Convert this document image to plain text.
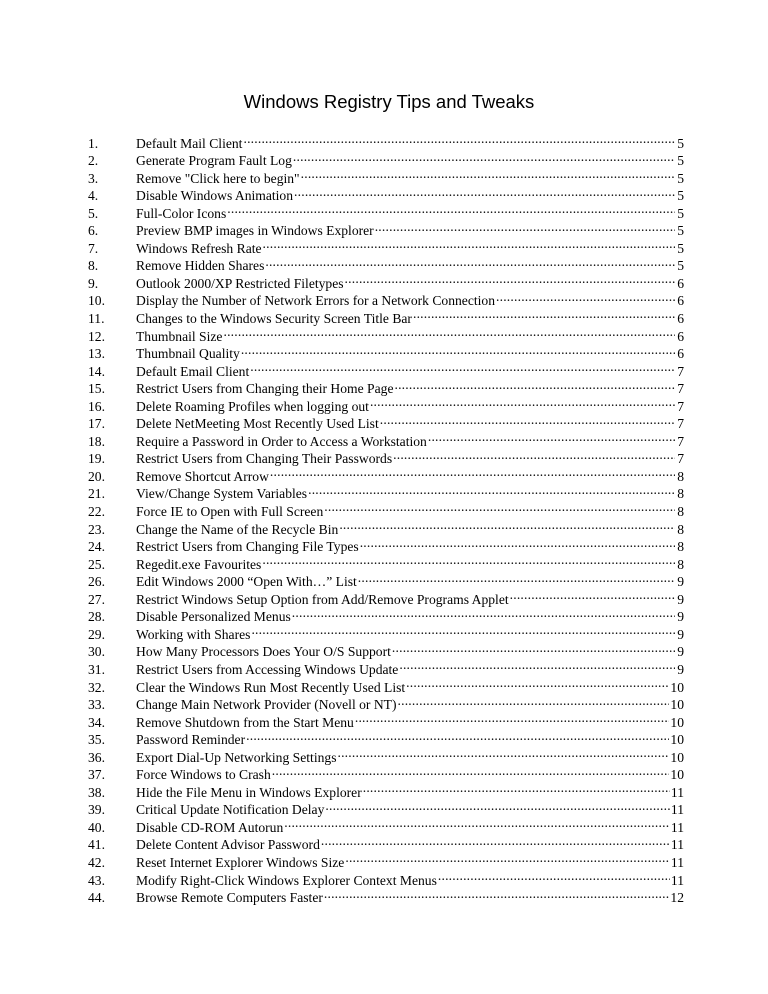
Windows Registry Tips and Tweaks
1.	Default Mail Client .....	5
2.	Generate Program Fault Log .....	5
3.	Remove "Click here to begin" .....	5
4.	Disable Windows Animation .....	5
5.	Full-Color Icons .....	5
6.	Preview BMP images in Windows Explorer .....	5
7.	Windows Refresh Rate .....	5
8.	Remove Hidden Shares .....	5
9.	Outlook 2000/XP Restricted Filetypes .....	6
10.	Display the Number of Network Errors for a Network Connection .....	6
11.	Changes to the Windows Security Screen Title Bar .....	6
12.	Thumbnail Size .....	6
13.	Thumbnail Quality .....	6
14.	Default Email Client .....	7
15.	Restrict Users from Changing their Home Page .....	7
16.	Delete Roaming Profiles when logging out .....	7
17.	Delete NetMeeting Most Recently Used List .....	7
18.	Require a Password in Order to Access a Workstation .....	7
19.	Restrict Users from Changing Their Passwords .....	7
20.	Remove Shortcut Arrow .....	8
21.	View/Change System Variables .....	8
22.	Force IE to Open with Full Screen .....	8
23.	Change the Name of the Recycle Bin .....	8
24.	Restrict Users from Changing File Types .....	8
25.	Regedit.exe Favourites .....	8
26.	Edit Windows 2000 “Open With…” List .....	9
27.	Restrict Windows Setup Option from Add/Remove Programs Applet .....	9
28.	Disable Personalized Menus .....	9
29.	Working with Shares .....	9
30.	How Many Processors Does Your O/S Support .....	9
31.	Restrict Users from Accessing Windows Update .....	9
32.	Clear the Windows Run Most Recently Used List .....	10
33.	Change Main Network Provider (Novell or NT) .....	10
34.	Remove Shutdown from the Start Menu .....	10
35.	Password Reminder .....	10
36.	Export Dial-Up Networking Settings .....	10
37.	Force Windows to Crash .....	10
38.	Hide the File Menu in Windows Explorer .....	11
39.	Critical Update Notification Delay .....	11
40.	Disable CD-ROM Autorun .....	11
41.	Delete Content Advisor Password .....	11
42.	Reset Internet Explorer Windows Size .....	11
43.	Modify Right-Click Windows Explorer Context Menus .....	11
44.	Browse Remote Computers Faster .....	12
